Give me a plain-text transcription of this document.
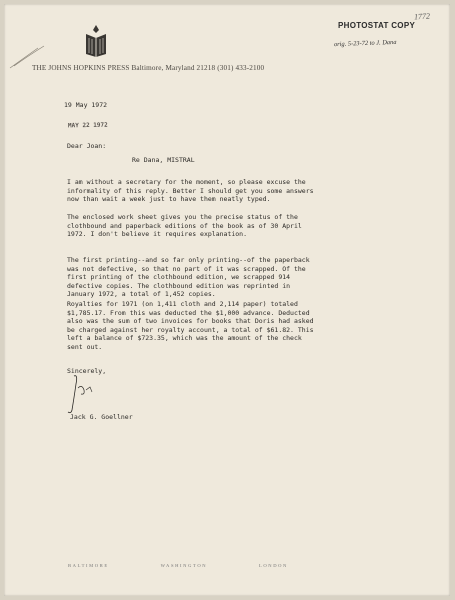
THE JOHNS HOPKINS PRESS Baltimore, Maryland 21218 (301) 433-2100
1772
PHOTOSTAT COPY
orig. 5-23-72 to J. Dana
19 May 1972
MAY 22 1972
Dear Joan:
Re Dana, MISTRAL
I am without a secretary for the moment, so please excuse the
informality of this reply. Better I should get you some answers
now than wait a week just to have them neatly typed.
The enclosed work sheet gives you the precise status of the
clothbound and paperback editions of the book as of 30 April
1972. I don't believe it requires explanation.
The first printing--and so far only printing--of the paperback
was not defective, so that no part of it was scrapped. Of the
first printing of the clothbound edition, we scrapped 914
defective copies. The clothbound edition was reprinted in
January 1972, a total of 1,452 copies.
Royalties for 1971 (on 1,411 cloth and 2,114 paper) totaled
$1,785.17. From this was deducted the $1,000 advance. Deducted
also was the sum of two invoices for books that Doris had asked
be charged against her royalty account, a total of $61.82. This
left a balance of $723.35, which was the amount of the check
sent out.
Sincerely,
Jack G. Goellner
BALTIMORE	WASHINGTON	LONDON
